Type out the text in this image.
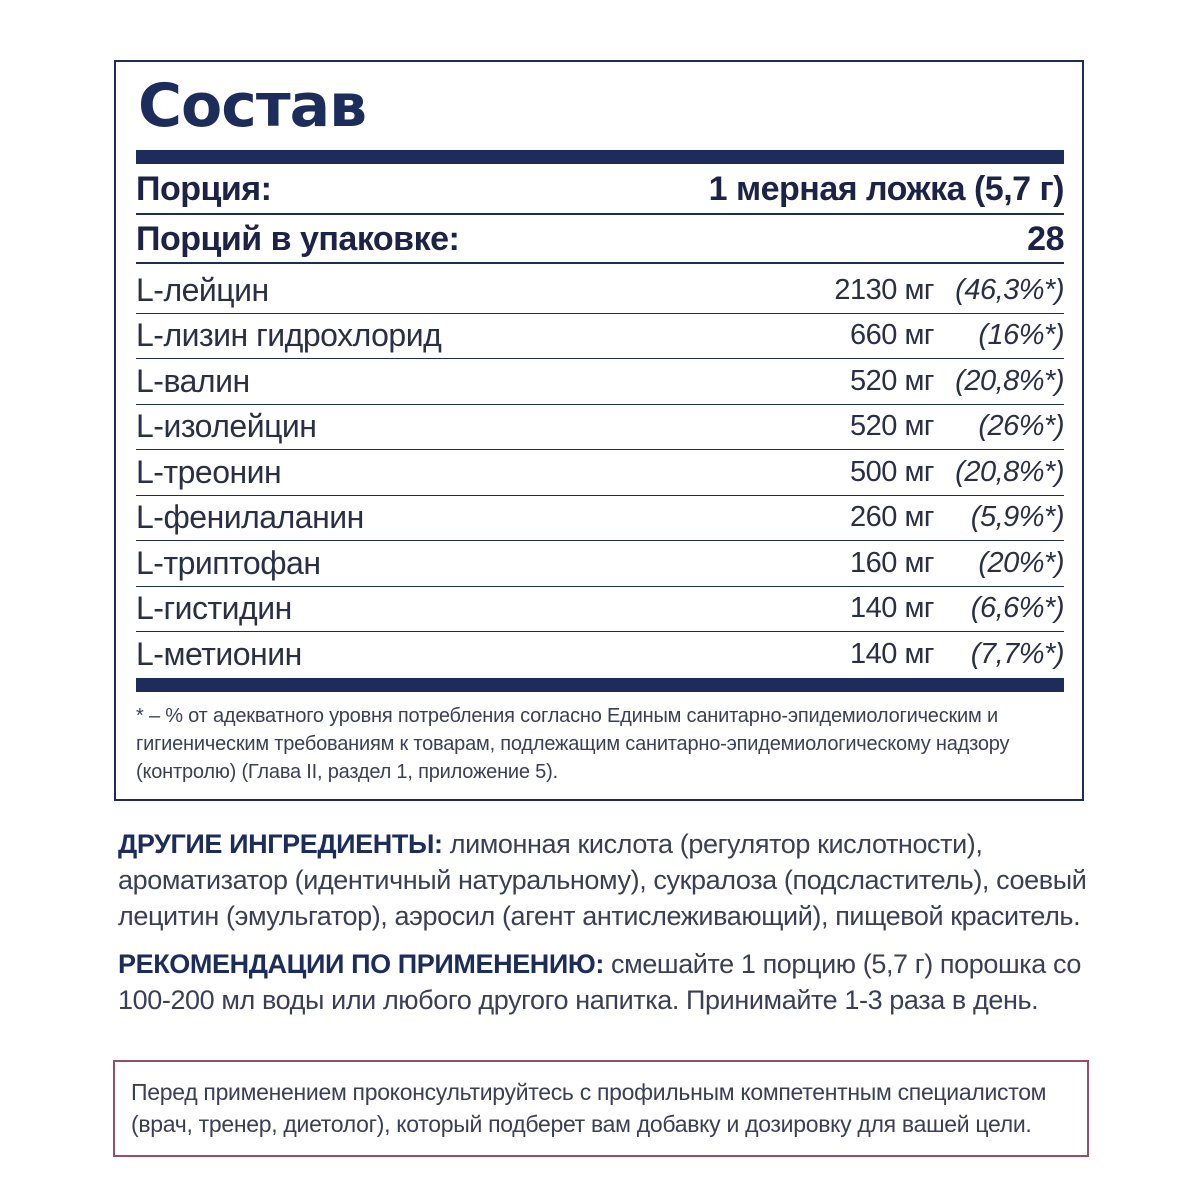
Состав
Порция:	1 мерная ложка (5,7 г)
Порций в упаковке:	28
L-лейцин	2130 мг (46,3%*)
L-лизин гидрохлорид	660 мг (16%*)
L-валин	520 мг (20,8%*)
L-изолейцин	520 мг (26%*)
L-треонин	500 мг (20,8%*)
L-фенилаланин	260 мг (5,9%*)
L-триптофан	160 мг (20%*)
L-гистидин	140 мг (6,6%*)
L-метионин	140 мг (7,7%*)

* – % от адекватного уровня потребления согласно Единым санитарно-эпидемиологическим и гигиеническим требованиям к товарам, подлежащим санитарно-эпидемиологическому надзору (контролю) (Глава II, раздел 1, приложение 5).

ДРУГИЕ ИНГРЕДИЕНТЫ: лимонная кислота (регулятор кислотности), ароматизатор (идентичный натуральному), сукралоза (подсластитель), соевый лецитин (эмульгатор), аэросил (агент антислеживающий), пищевой краситель.

РЕКОМЕНДАЦИИ ПО ПРИМЕНЕНИЮ: смешайте 1 порцию (5,7 г) порошка со 100-200 мл воды или любого другого напитка. Принимайте 1-3 раза в день.

Перед применением проконсультируйтесь с профильным компетентным специалистом (врач, тренер, диетолог), который подберет вам добавку и дозировку для вашей цели.
